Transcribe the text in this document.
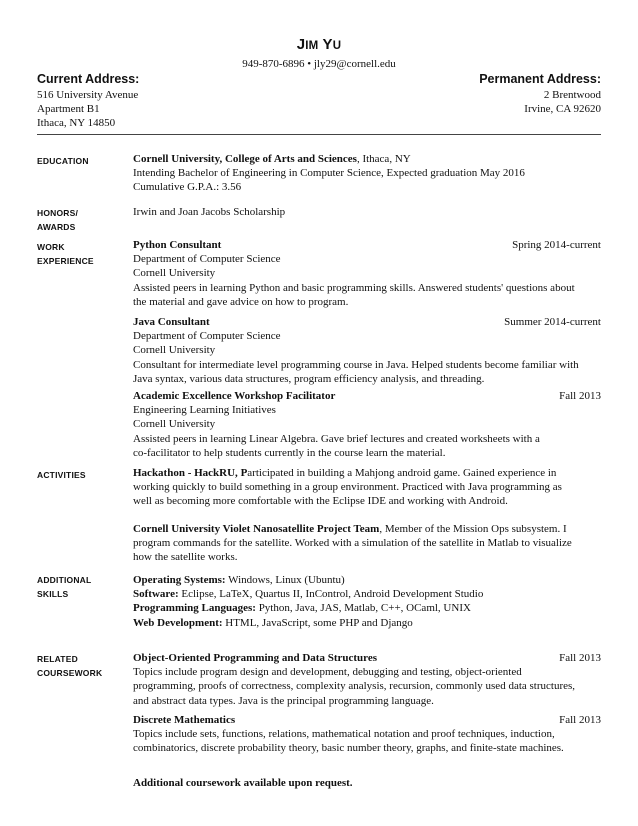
JIM YU
949-870-6896 • jly29@cornell.edu
Current Address:
516 University Avenue
Apartment B1
Ithaca, NY 14850
Permanent Address:
2 Brentwood
Irvine, CA 92620
EDUCATION	Cornell University, College of Arts and Sciences, Ithaca, NY

Intending Bachelor of Engineering in Computer Science, Expected graduation May 2016

Cumulative G.P.A.: 3.56

HONORS/
AWARDS

Irwin and Joan Jacobs Scholarship

WORK
EXPERIENCE
Python Consultant	Spring 2014-current

Department of Computer Science

Cornell University

Assisted peers in learning Python and basic programming skills. Answered students' questions about

the material and gave advice on how to program.

Java Consultant	Summer 2014-current

Department of Computer Science

Cornell University

Consultant for intermediate level programming course in Java. Helped students become familiar with

Java syntax, various data structures, program efficiency analysis, and threading.

Academic Excellence Workshop Facilitator	Fall 2013

Engineering Learning Initiatives

Cornell University

Assisted peers in learning Linear Algebra. Gave brief lectures and created worksheets with a

co-facilitator to help students currently in the course learn the material.

ACTIVITIES	Hackathon - HackRU, Participated in building a Mahjong android game. Gained experience in

working quickly to build something in a group environment. Practiced with Java programming as

well as becoming more comfortable with the Eclipse IDE and working with Android.

Cornell University Violet Nanosatellite Project Team, Member of the Mission Ops subsystem. I

program commands for the satellite. Worked with a simulation of the satellite in Matlab to visualize

how the satellite works.

ADDITIONAL
SKILLS

Operating Systems: Windows, Linux (Ubuntu)

Software: Eclipse, LaTeX, Quartus II, InControl, Android Development Studio

Programming Languages: Python, Java, JAS, Matlab, C++, OCaml, UNIX

Web Development: HTML, JavaScript, some PHP and Django

RELATED
COURSEWORK
Object-Oriented Programming and Data Structures	Fall 2013

Topics include program design and development, debugging and testing, object-oriented

programming, proofs of correctness, complexity analysis, recursion, commonly used data structures,

and abstract data types. Java is the principal programming language.

Discrete Mathematics	Fall 2013

Topics include sets, functions, relations, mathematical notation and proof techniques, induction,

combinatorics, discrete probability theory, basic number theory, graphs, and finite-state machines.

Additional coursework available upon request.
